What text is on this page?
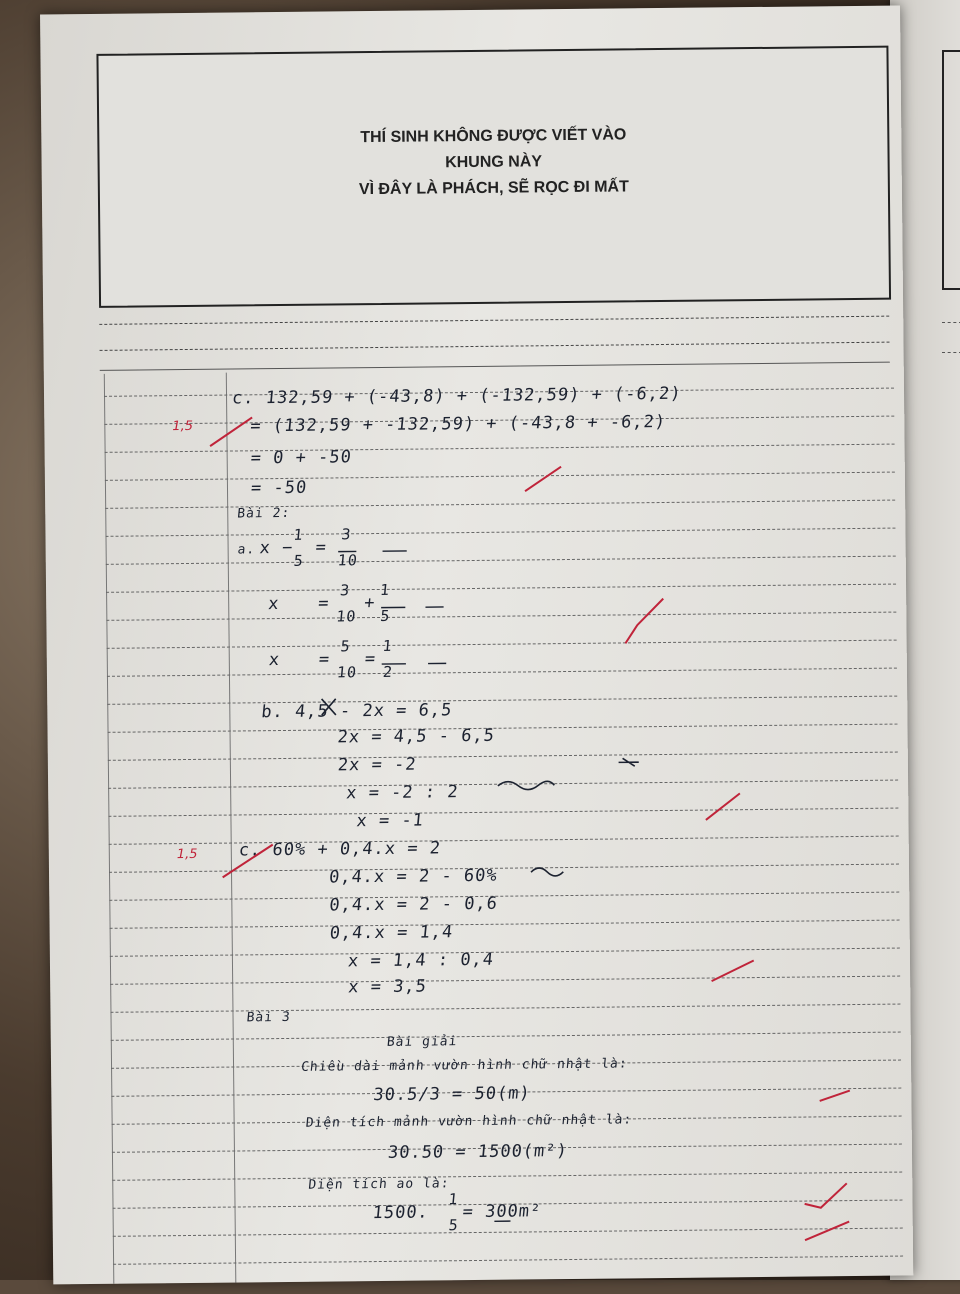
THÍ SINH KHÔNG ĐƯỢC VIẾT VÀO
KHUNG NÀY
VÌ ĐÂY LÀ PHÁCH, SẼ RỌC ĐI MẤT
1,5
1,5
c. 132,59 + (-43,8) + (-132,59) + (-6,2)
= (132,59 + -132,59) + (-43,8 + -6,2)
= 0 + -50
= -50
Bài 2:
a. x −
1
5
=
3
10
x =
3
10
+
1
5
x =
5
10
=
1
2
b. 4,5 - 2x = 6,5
2x = 4,5 - 6,5
2x = -2
x = -2 : 2
x = -1
c. 60% + 0,4.x = 2
0,4.x = 2 - 60%
0,4.x = 2 - 0,6
0,4.x = 1,4
x = 1,4 : 0,4
x = 3,5
Bài 3
Bài giải
Chiều dài mảnh vườn hình chữ nhật là:
30.5/3 = 50(m)
Diện tích mảnh vườn hình chữ nhật là:
30.50 = 1500(m²)
Diện tích ao là:
1500.
1
5
= 300m²
